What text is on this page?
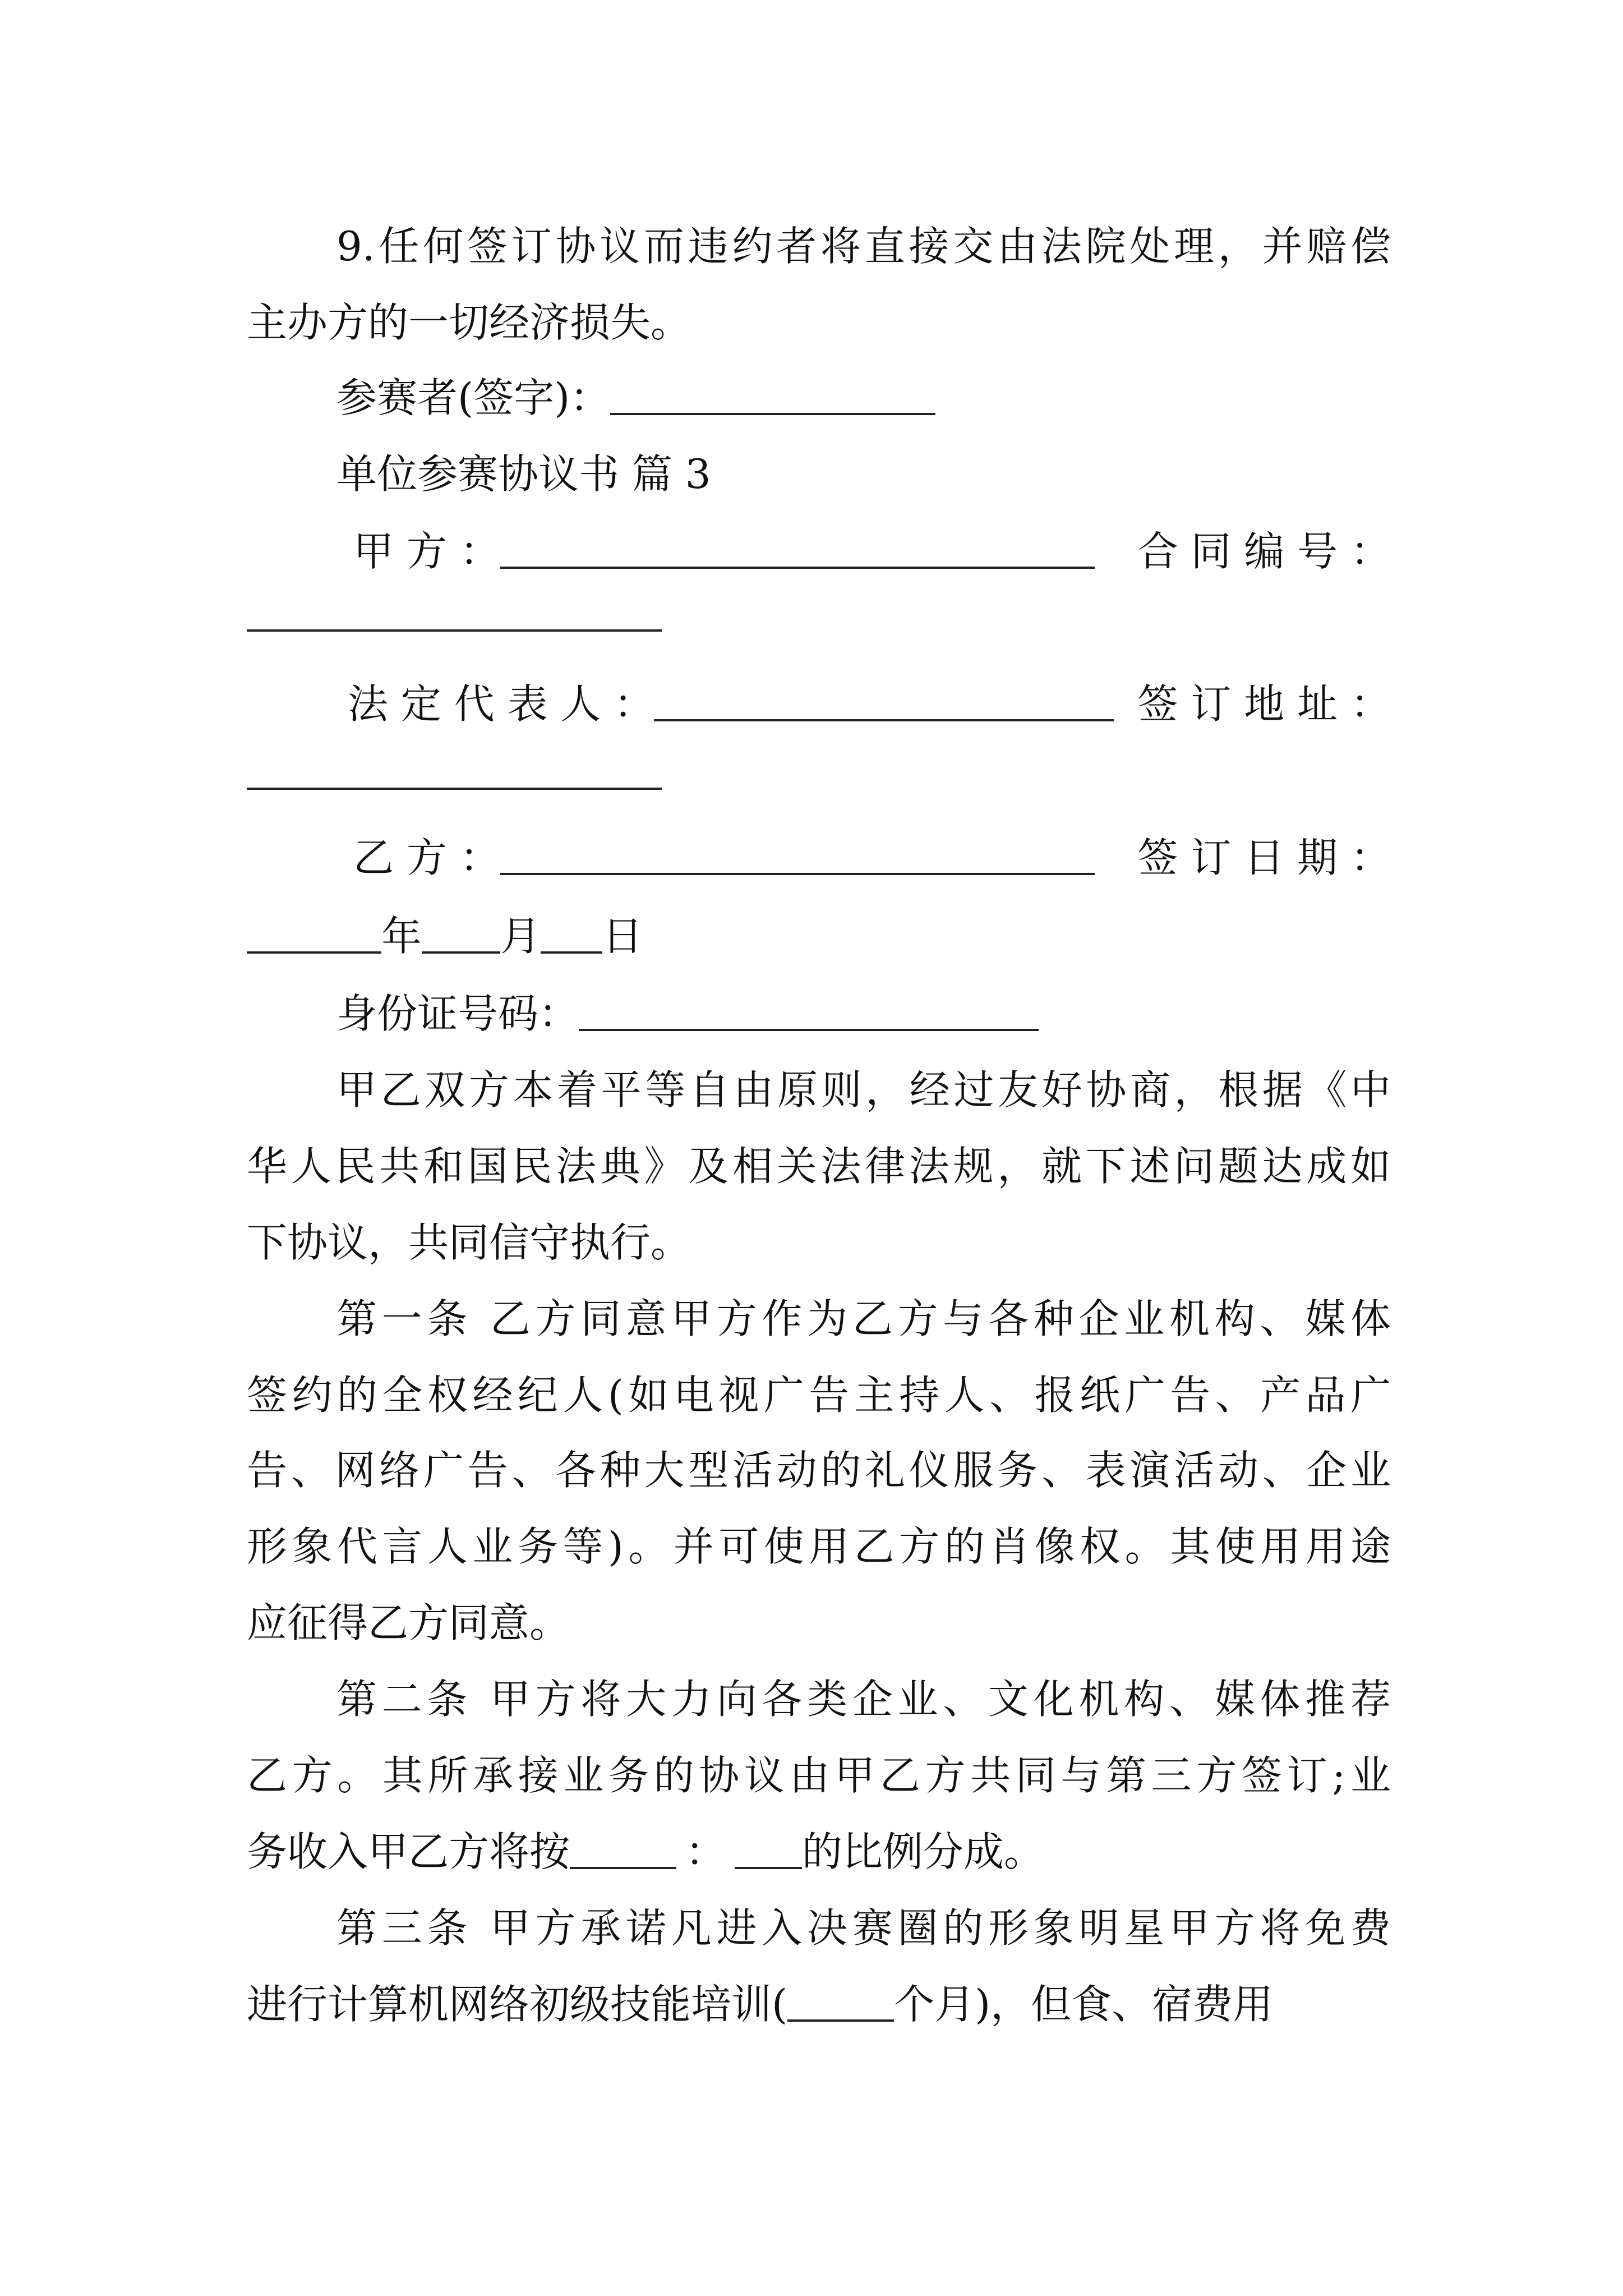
9.任何签订协议而违约者将直接交由法院处理，并赔偿
主办方的一切经济损失。
参赛者(签字)：
单位参赛协议书 篇 3
甲 方 ：	合 同 编 号 ：
法 定 代 表 人 ：	签 订 地 址 ：
乙 方 ：	签 订 日 期 ：
年 月 日
身份证号码：
甲乙双方本着平等自由原则，经过友好协商，根据《中
华人民共和国民法典》及相关法律法规，就下述问题达成如
下协议，共同信守执行。
第一条 乙方同意甲方作为乙方与各种企业机构、媒体
签约的全权经纪人(如电视广告主持人、报纸广告、产品广
告、网络广告、各种大型活动的礼仪服务、表演活动、企业
形象代言人业务等)。并可使用乙方的肖像权。其使用用途
应征得乙方同意。
第二条 甲方将大力向各类企业、文化机构、媒体推荐
乙方。其所承接业务的协议由甲乙方共同与第三方签订;业
务收入甲乙方将按	： 的比例分成。
第三条 甲方承诺凡进入决赛圈的形象明星甲方将免费
进行计算机网络初级技能培训(	个月)，但食、宿费用
